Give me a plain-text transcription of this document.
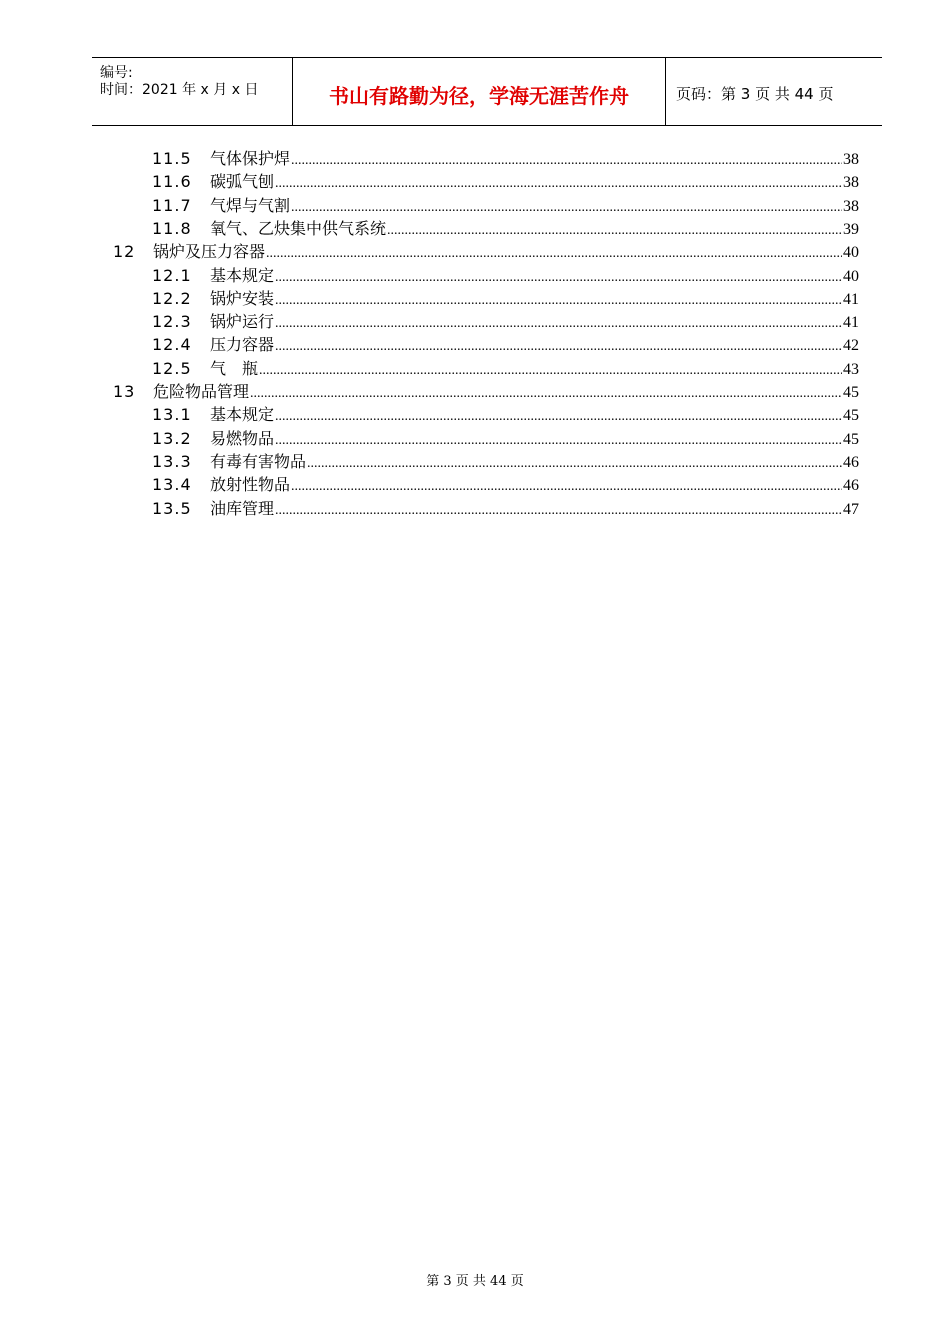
编号:
时间：2021 年 x 月 x 日	书山有路勤为径，学海无涯苦作舟	页码：第 3 页 共 44 页
11.5	气体保护焊 .....	38
11.6	碳弧气刨 .....	38
11.7	气焊与气割 .....	38
11.8	氧气、乙炔集中供气系统 .....	39
12	锅炉及压力容器 .....	40
12.1	基本规定 .....	40
12.2	锅炉安装 .....	41
12.3	锅炉运行 .....	41
12.4	压力容器 .....	42
12.5	气　瓶 .....	43
13	危险物品管理 .....	45
13.1	基本规定 .....	45
13.2	易燃物品 .....	45
13.3	有毒有害物品 .....	46
13.4	放射性物品 .....	46
13.5	油库管理 .....	47
第 3 页 共 44 页
